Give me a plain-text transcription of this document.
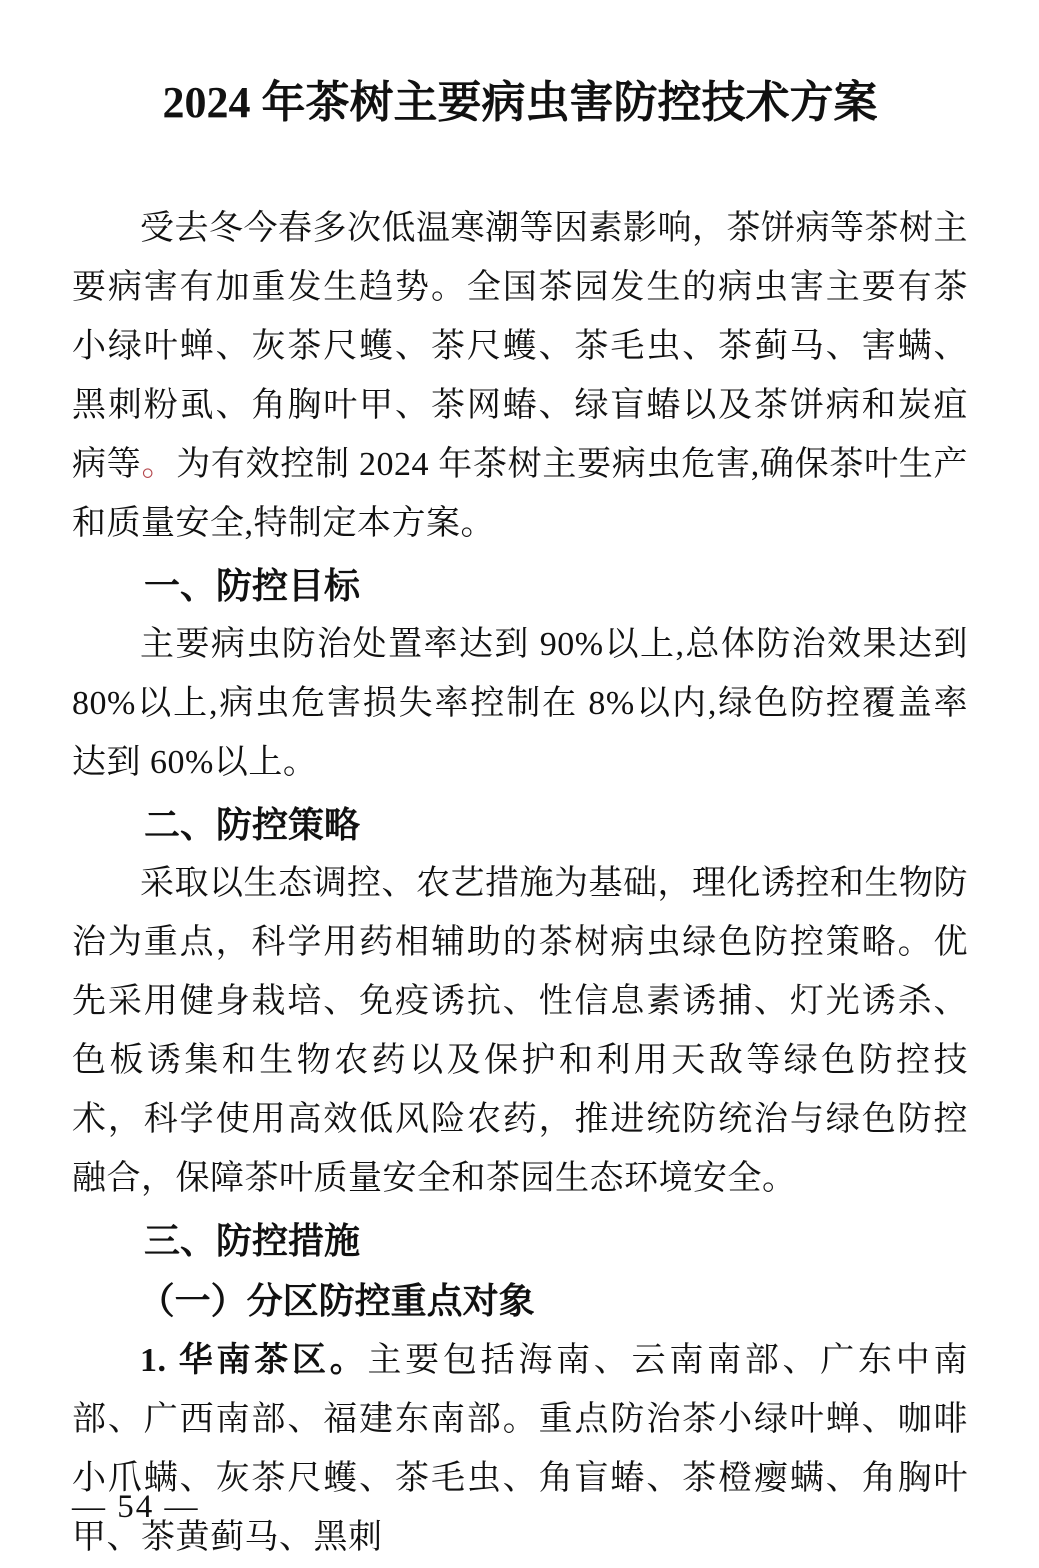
2024 年茶树主要病虫害防控技术方案

受去冬今春多次低温寒潮等因素影响，茶饼病等茶树主要病害有加重发生趋势。全国茶园发生的病虫害主要有茶小绿叶蝉、灰茶尺蠖、茶尺蠖、茶毛虫、茶蓟马、害螨、黑刺粉虱、角胸叶甲、茶网蝽、绿盲蝽以及茶饼病和炭疽病等。为有效控制 2024 年茶树主要病虫危害,确保茶叶生产和质量安全,特制定本方案。

一、防控目标

主要病虫防治处置率达到 90%以上,总体防治效果达到 80%以上,病虫危害损失率控制在 8%以内,绿色防控覆盖率达到 60%以上。

二、防控策略

采取以生态调控、农艺措施为基础，理化诱控和生物防治为重点，科学用药相辅助的茶树病虫绿色防控策略。优先采用健身栽培、免疫诱抗、性信息素诱捕、灯光诱杀、色板诱集和生物农药以及保护和利用天敌等绿色防控技术，科学使用高效低风险农药，推进统防统治与绿色防控融合，保障茶叶质量安全和茶园生态环境安全。

三、防控措施
（一）分区防控重点对象

1. 华南茶区。主要包括海南、云南南部、广东中南部、广西南部、福建东南部。重点防治茶小绿叶蝉、咖啡小爪螨、灰茶尺蠖、茶毛虫、角盲蝽、茶橙瘿螨、角胸叶甲、茶黄蓟马、黑刺

— 54 —
